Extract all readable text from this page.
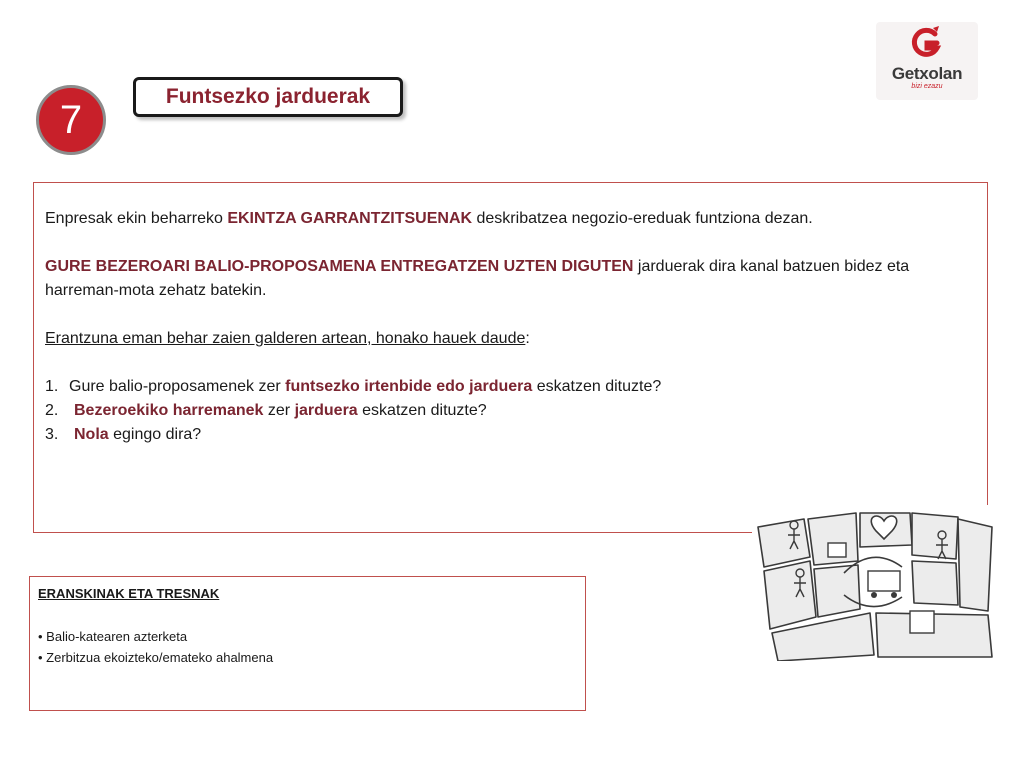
7
Funtsezko jarduerak
Getxolan
bizi ezazu

Enpresak ekin beharreko EKINTZA GARRANTZITSUENAK deskribatzea negozio-ereduak funtziona dezan.

GURE BEZEROARI BALIO-PROPOSAMENA ENTREGATZEN UZTEN DIGUTEN jarduerak dira kanal batzuen bidez eta harreman-mota zehatz batekin.

Erantzuna eman behar zaien galderen artean, honako hauek daude:

1. Gure balio-proposamenek zer funtsezko irtenbide edo jarduera eskatzen dituzte?
2. Bezeroekiko harremanek zer jarduera eskatzen dituzte?
3. Nola egingo dira?
ERANSKINAK ETA TRESNAK
• Balio-katearen azterketa
• Zerbitzua ekoizteko/emateko ahalmena
